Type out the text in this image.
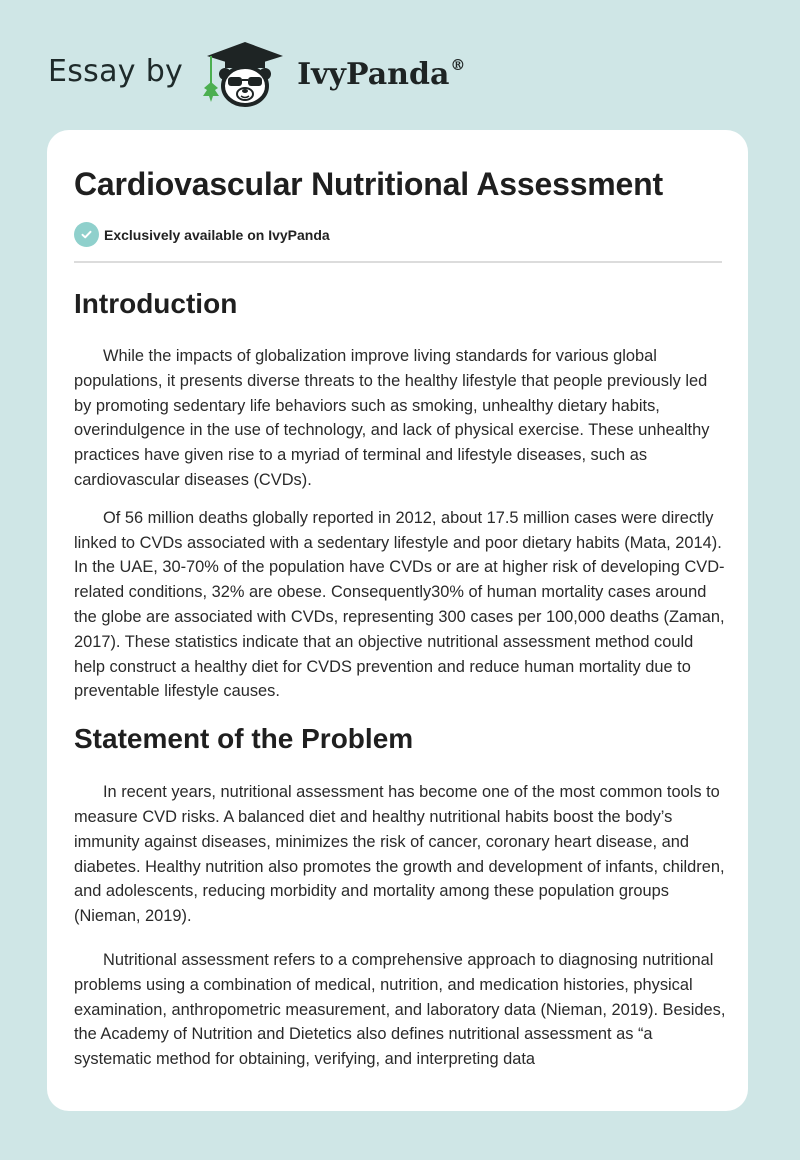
Essay by	IvyPanda®
Cardiovascular Nutritional Assessment
Exclusively available on IvyPanda
Introduction

While the impacts of globalization improve living standards for various global populations, it presents diverse threats to the healthy lifestyle that people previously led by promoting sedentary life behaviors such as smoking, unhealthy dietary habits, overindulgence in the use of technology, and lack of physical exercise. These unhealthy practices have given rise to a myriad of terminal and lifestyle diseases, such as cardiovascular diseases (CVDs).

Of 56 million deaths globally reported in 2012, about 17.5 million cases were directly linked to CVDs associated with a sedentary lifestyle and poor dietary habits (Mata, 2014). In the UAE, 30-70% of the population have CVDs or are at higher risk of developing CVD-related conditions, 32% are obese. Consequently30% of human mortality cases around the globe are associated with CVDs, representing 300 cases per 100,000 deaths (Zaman, 2017). These statistics indicate that an objective nutritional assessment method could help construct a healthy diet for CVDS prevention and reduce human mortality due to preventable lifestyle causes.

Statement of the Problem

In recent years, nutritional assessment has become one of the most common tools to measure CVD risks. A balanced diet and healthy nutritional habits boost the body’s immunity against diseases, minimizes the risk of cancer, coronary heart disease, and diabetes. Healthy nutrition also promotes the growth and development of infants, children, and adolescents, reducing morbidity and mortality among these population groups (Nieman, 2019).

Nutritional assessment refers to a comprehensive approach to diagnosing nutritional problems using a combination of medical, nutrition, and medication histories, physical examination, anthropometric measurement, and laboratory data (Nieman, 2019). Besides, the Academy of Nutrition and Dietetics also defines nutritional assessment as “a systematic method for obtaining, verifying, and interpreting data
